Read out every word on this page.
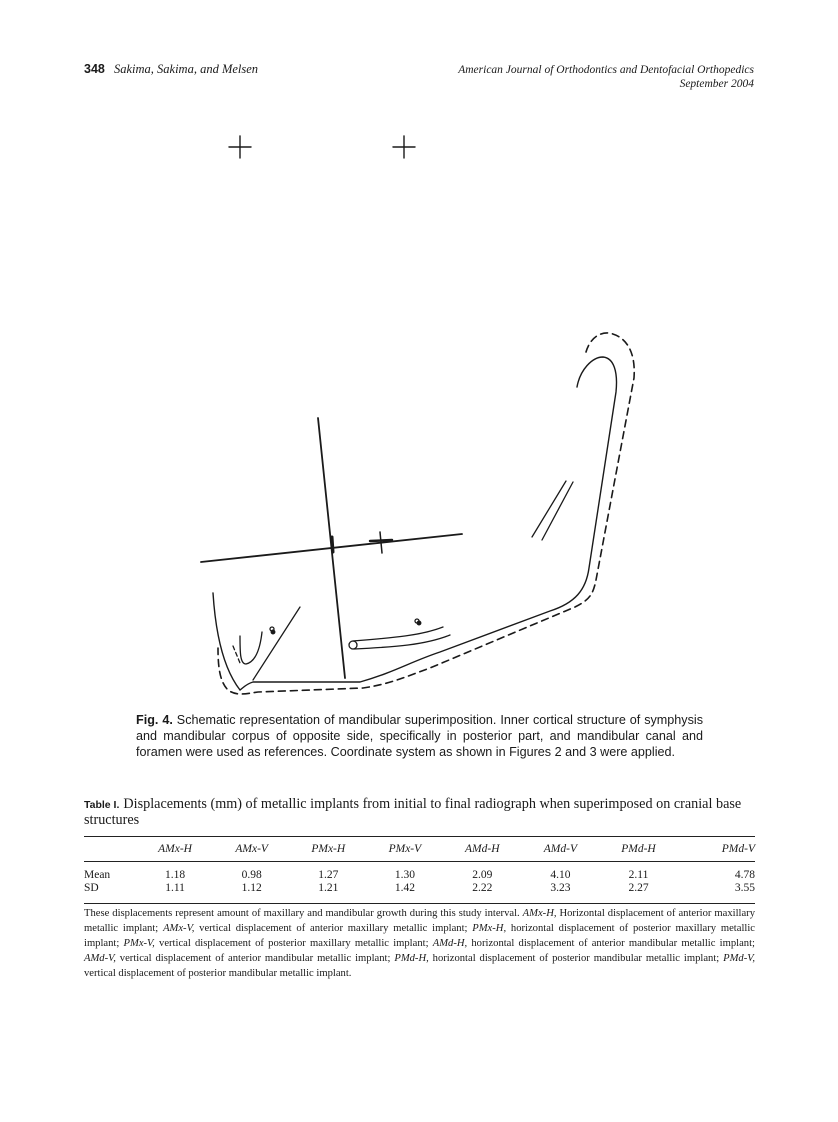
348 Sakima, Sakima, and Melsen	American Journal of Orthodontics and Dentofacial Orthopedics
September 2004
Fig. 4. Schematic representation of mandibular superimposition. Inner cortical structure of symphysis and mandibular corpus of opposite side, specifically in posterior part, and mandibular canal and foramen were used as references. Coordinate system as shown in Figures 2 and 3 were applied.
Table I. Displacements (mm) of metallic implants from initial to final radiograph when superimposed on cranial base structures
	AMx-H	AMx-V	PMx-H	PMx-V	AMd-H	AMd-V	PMd-H	PMd-V
Mean	1.18	0.98	1.27	1.30	2.09	4.10	2.11	4.78
SD	1.11	1.12	1.21	1.42	2.22	3.23	2.27	3.55
These displacements represent amount of maxillary and mandibular growth during this study interval. AMx-H, Horizontal displacement of anterior maxillary metallic implant; AMx-V, vertical displacement of anterior maxillary metallic implant; PMx-H, horizontal displacement of posterior maxillary metallic implant; PMx-V, vertical displacement of posterior maxillary metallic implant; AMd-H, horizontal displacement of anterior mandibular metallic implant; AMd-V, vertical displacement of anterior mandibular metallic implant; PMd-H, horizontal displacement of posterior mandibular metallic implant; PMd-V, vertical displacement of posterior mandibular metallic implant.
